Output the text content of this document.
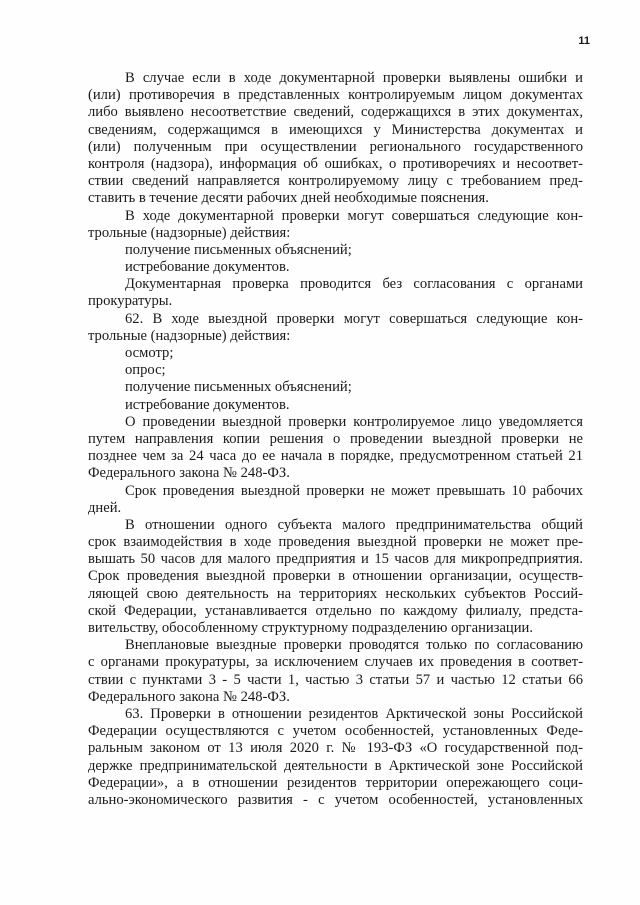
11
В случае если в ходе документарной проверки выявлены ошибки и
(или) противоречия в представленных контролируемым лицом документах
либо выявлено несоответствие сведений, содержащихся в этих документах,
сведениям, содержащимся в имеющихся у Министерства документах и
(или) полученным при осуществлении регионального государственного
контроля (надзора), информация об ошибках, о противоречиях и несоответ-
ствии сведений направляется контролируемому лицу с требованием пред-
ставить в течение десяти рабочих дней необходимые пояснения.
В ходе документарной проверки могут совершаться следующие кон-
трольные (надзорные) действия:
получение письменных объяснений;
истребование документов.
Документарная проверка проводится без согласования с органами
прокуратуры.
62. В ходе выездной проверки могут совершаться следующие кон-
трольные (надзорные) действия:
осмотр;
опрос;
получение письменных объяснений;
истребование документов.
О проведении выездной проверки контролируемое лицо уведомляется
путем направления копии решения о проведении выездной проверки не
позднее чем за 24 часа до ее начала в порядке, предусмотренном статьей 21
Федерального закона № 248-ФЗ.
Срок проведения выездной проверки не может превышать 10 рабочих
дней.
В отношении одного субъекта малого предпринимательства общий
срок взаимодействия в ходе проведения выездной проверки не может пре-
вышать 50 часов для малого предприятия и 15 часов для микропредприятия.
Срок проведения выездной проверки в отношении организации, осуществ-
ляющей свою деятельность на территориях нескольких субъектов Россий-
ской Федерации, устанавливается отдельно по каждому филиалу, предста-
вительству, обособленному структурному подразделению организации.
Внеплановые выездные проверки проводятся только по согласованию
с органами прокуратуры, за исключением случаев их проведения в соответ-
ствии с пунктами 3 - 5 части 1, частью 3 статьи 57 и частью 12 статьи 66
Федерального закона № 248-ФЗ.
63. Проверки в отношении резидентов Арктической зоны Российской
Федерации осуществляются с учетом особенностей, установленных Феде-
ральным законом от 13 июля 2020 г. № 193-ФЗ «О государственной под-
держке предпринимательской деятельности в Арктической зоне Российской
Федерации», а в отношении резидентов территории опережающего соци-
ально-экономического развития - с учетом особенностей, установленных
